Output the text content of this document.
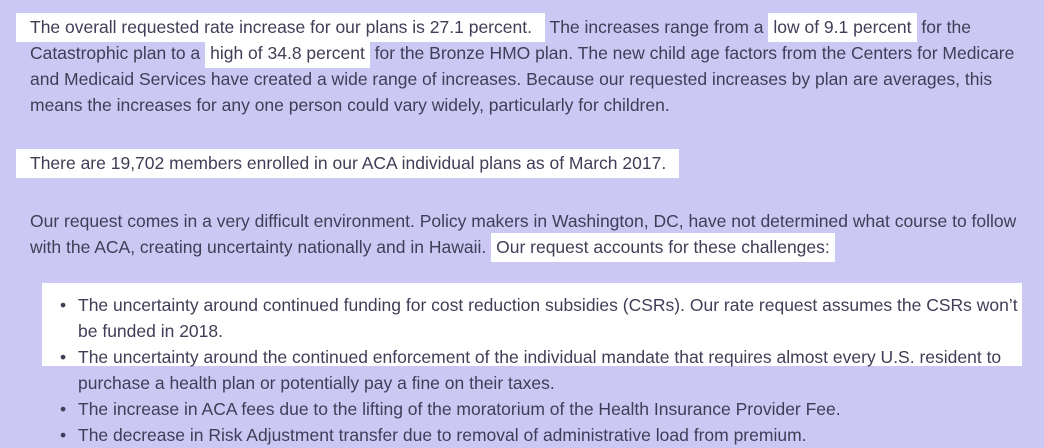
The overall requested rate increase for our plans is 27.1 percent. The increases range from a low of 9.1 percent for the Catastrophic plan to a high of 34.8 percent for the Bronze HMO plan. The new child age factors from the Centers for Medicare and Medicaid Services have created a wide range of increases. Because our requested increases by plan are averages, this means the increases for any one person could vary widely, particularly for children.

There are 19,702 members enrolled in our ACA individual plans as of March 2017.

Our request comes in a very difficult environment. Policy makers in Washington, DC, have not determined what course to follow with the ACA, creating uncertainty nationally and in Hawaii. Our request accounts for these challenges:

• The uncertainty around continued funding for cost reduction subsidies (CSRs). Our rate request assumes the CSRs won’t be funded in 2018.
• The uncertainty around the continued enforcement of the individual mandate that requires almost every U.S. resident to purchase a health plan or potentially pay a fine on their taxes.
• The increase in ACA fees due to the lifting of the moratorium of the Health Insurance Provider Fee.
• The decrease in Risk Adjustment transfer due to removal of administrative load from premium.
